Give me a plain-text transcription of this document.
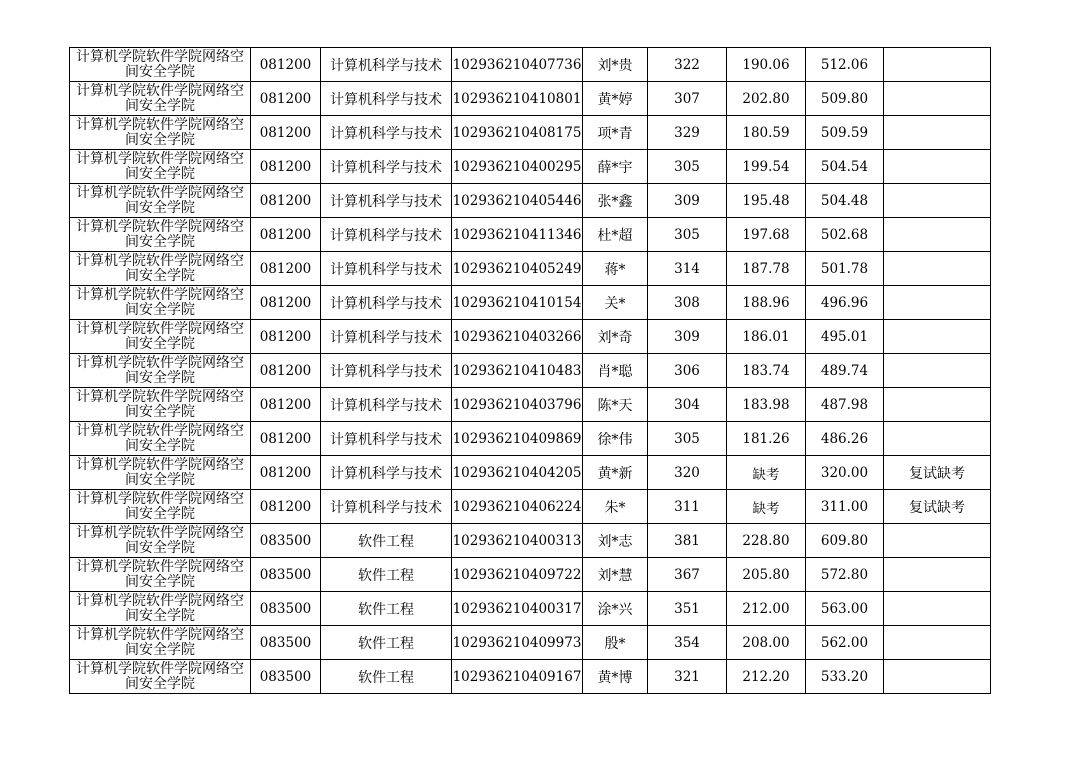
计算机学院软件学院网络空间安全学院	081200	计算机科学与技术	102936210407736	刘*贵	322	190.06	512.06	
计算机学院软件学院网络空间安全学院	081200	计算机科学与技术	102936210410801	黄*婷	307	202.80	509.80	
计算机学院软件学院网络空间安全学院	081200	计算机科学与技术	102936210408175	项*青	329	180.59	509.59	
计算机学院软件学院网络空间安全学院	081200	计算机科学与技术	102936210400295	薛*宇	305	199.54	504.54	
计算机学院软件学院网络空间安全学院	081200	计算机科学与技术	102936210405446	张*鑫	309	195.48	504.48	
计算机学院软件学院网络空间安全学院	081200	计算机科学与技术	102936210411346	杜*超	305	197.68	502.68	
计算机学院软件学院网络空间安全学院	081200	计算机科学与技术	102936210405249	蒋*	314	187.78	501.78	
计算机学院软件学院网络空间安全学院	081200	计算机科学与技术	102936210410154	关*	308	188.96	496.96	
计算机学院软件学院网络空间安全学院	081200	计算机科学与技术	102936210403266	刘*奇	309	186.01	495.01	
计算机学院软件学院网络空间安全学院	081200	计算机科学与技术	102936210410483	肖*聪	306	183.74	489.74	
计算机学院软件学院网络空间安全学院	081200	计算机科学与技术	102936210403796	陈*天	304	183.98	487.98	
计算机学院软件学院网络空间安全学院	081200	计算机科学与技术	102936210409869	徐*伟	305	181.26	486.26	
计算机学院软件学院网络空间安全学院	081200	计算机科学与技术	102936210404205	黄*新	320	缺考	320.00	复试缺考
计算机学院软件学院网络空间安全学院	081200	计算机科学与技术	102936210406224	朱*	311	缺考	311.00	复试缺考
计算机学院软件学院网络空间安全学院	083500	软件工程	102936210400313	刘*志	381	228.80	609.80	
计算机学院软件学院网络空间安全学院	083500	软件工程	102936210409722	刘*慧	367	205.80	572.80	
计算机学院软件学院网络空间安全学院	083500	软件工程	102936210400317	涂*兴	351	212.00	563.00	
计算机学院软件学院网络空间安全学院	083500	软件工程	102936210409973	殷*	354	208.00	562.00	
计算机学院软件学院网络空间安全学院	083500	软件工程	102936210409167	黄*博	321	212.20	533.20	
